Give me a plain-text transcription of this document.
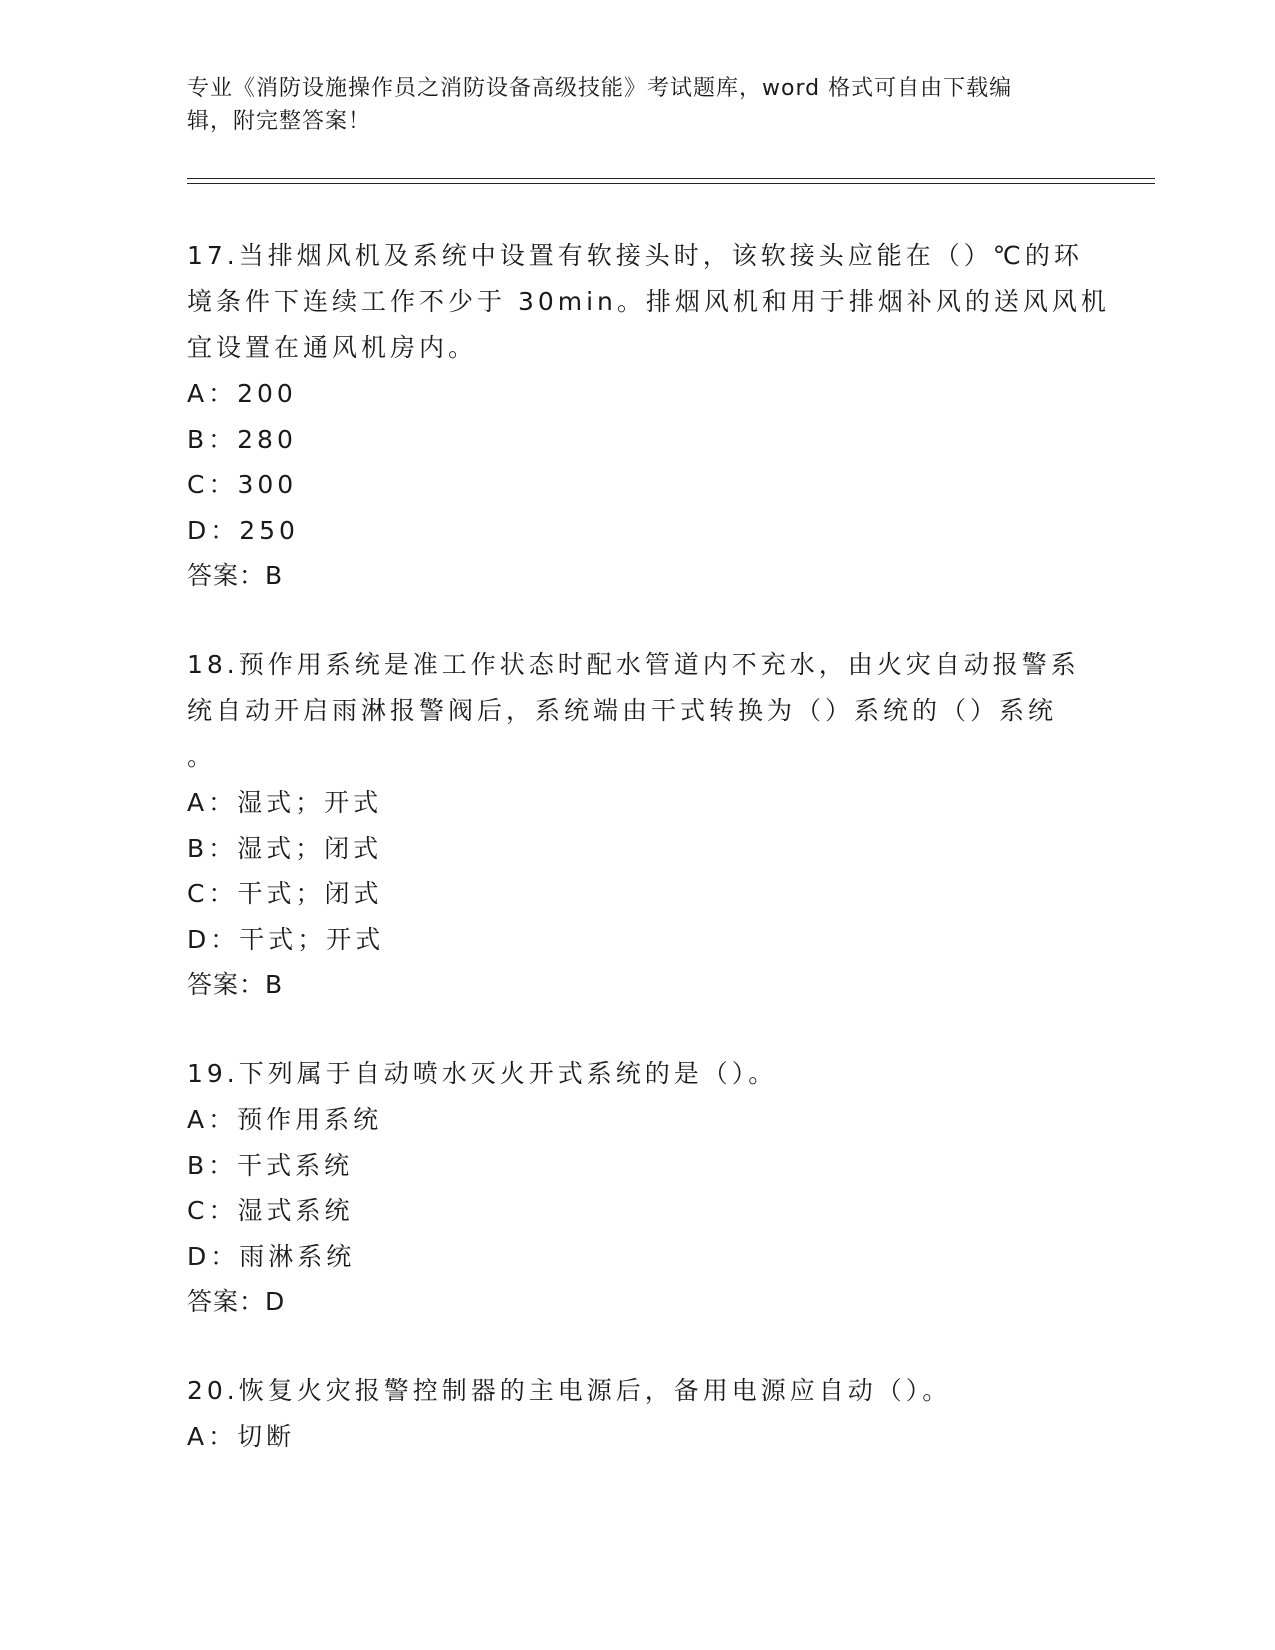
专业《消防设施操作员之消防设备高级技能》考试题库，word 格式可自由下载编
辑，附完整答案！
17.当排烟风机及系统中设置有软接头时，该软接头应能在（）℃的环
境条件下连续工作不少于 30min。排烟风机和用于排烟补风的送风风机
宜设置在通风机房内。
A：200
B：280
C：300
D：250
答案：B
18.预作用系统是准工作状态时配水管道内不充水，由火灾自动报警系
统自动开启雨淋报警阀后，系统端由干式转换为（）系统的（）系统
。
A：湿式；开式
B：湿式；闭式
C：干式；闭式
D：干式；开式
答案：B
19.下列属于自动喷水灭火开式系统的是（）。
A：预作用系统
B：干式系统
C：湿式系统
D：雨淋系统
答案：D
20.恢复火灾报警控制器的主电源后，备用电源应自动（）。
A：切断
